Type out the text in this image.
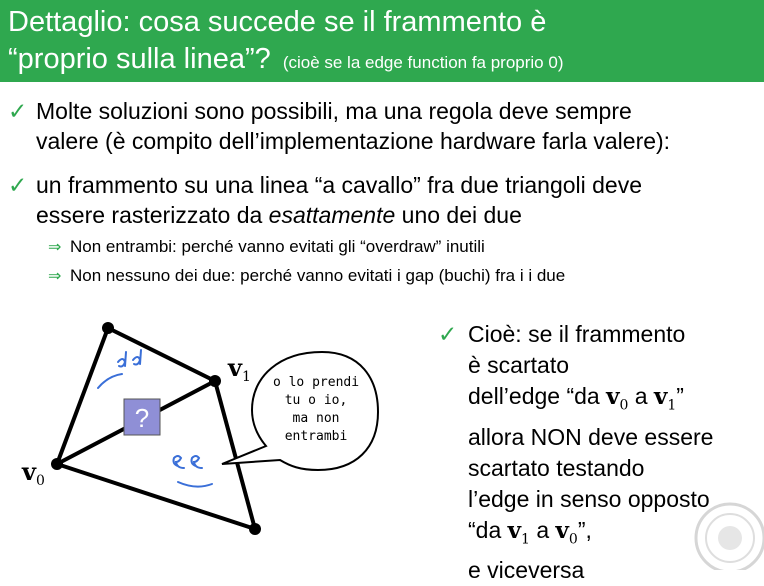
Dettaglio: cosa succede se il frammento è
“proprio sulla linea”? (cioè se la edge function fa proprio 0)
✓ Molte soluzioni sono possibili, ma una regola deve sempre
valere (è compito dell’implementazione hardware farla valere):
✓ un frammento su una linea “a cavallo” fra due triangoli deve
essere rasterizzato da esattamente uno dei due
⇒ Non entrambi: perché vanno evitati gli “overdraw” inutili
⇒ Non nessuno dei due: perché vanno evitati i gap (buchi) fra i i due
?
$v_1$
$v_0$
o lo prendi
tu o io,
ma non
entrambi
✓ Cioè: se il frammento
è scartato
dell’edge “da $v_0$ a $v_1$”
allora NON deve essere
scartato testando
l’edge in senso opposto
“da $v_1$ a $v_0$”,
e viceversa
